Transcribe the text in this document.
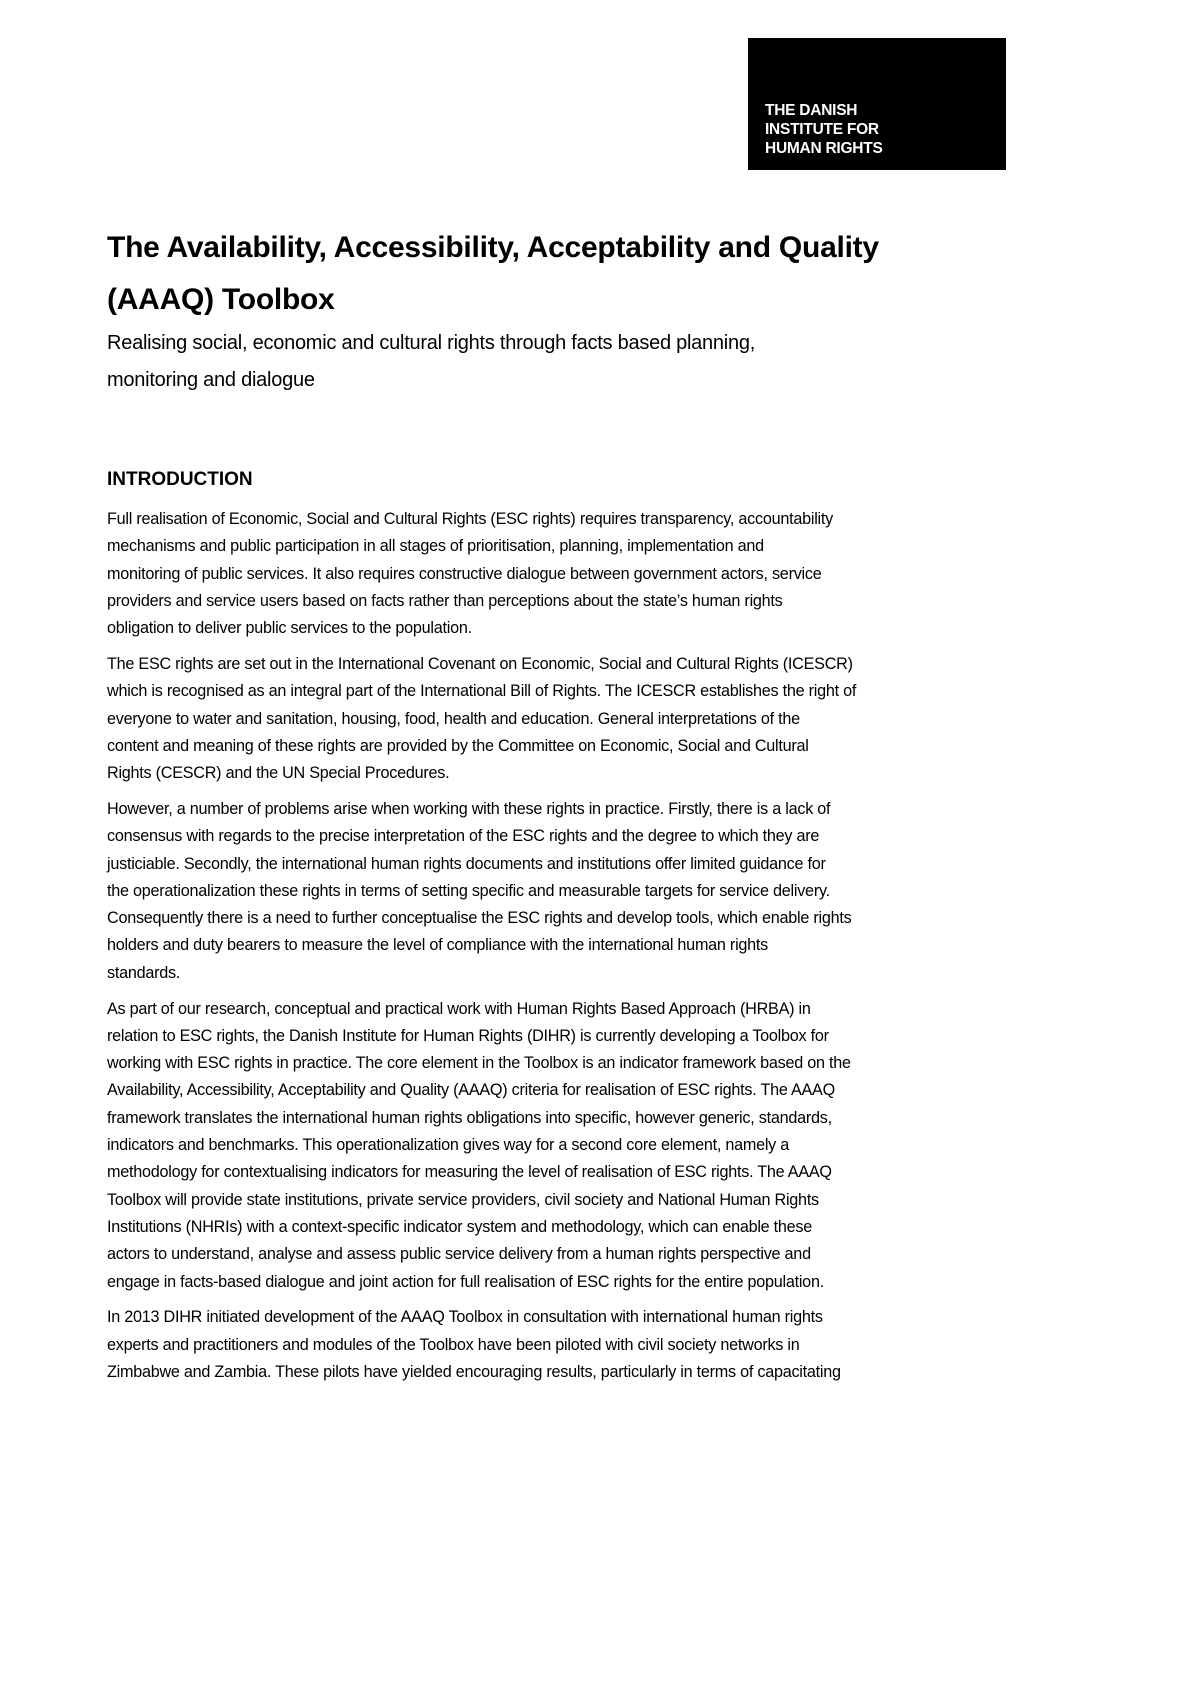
THE DANISH
INSTITUTE FOR
HUMAN RIGHTS
The Availability, Accessibility, Acceptability and Quality
(AAAQ) Toolbox
Realising social, economic and cultural rights through facts based planning,
monitoring and dialogue
INTRODUCTION
Full realisation of Economic, Social and Cultural Rights (ESC rights) requires transparency, accountability
mechanisms and public participation in all stages of prioritisation, planning, implementation and
monitoring of public services. It also requires constructive dialogue between government actors, service
providers and service users based on facts rather than perceptions about the state’s human rights
obligation to deliver public services to the population.
The ESC rights are set out in the International Covenant on Economic, Social and Cultural Rights (ICESCR)
which is recognised as an integral part of the International Bill of Rights. The ICESCR establishes the right of
everyone to water and sanitation, housing, food, health and education. General interpretations of the
content and meaning of these rights are provided by the Committee on Economic, Social and Cultural
Rights (CESCR) and the UN Special Procedures.
However, a number of problems arise when working with these rights in practice. Firstly, there is a lack of
consensus with regards to the precise interpretation of the ESC rights and the degree to which they are
justiciable. Secondly, the international human rights documents and institutions offer limited guidance for
the operationalization these rights in terms of setting specific and measurable targets for service delivery.
Consequently there is a need to further conceptualise the ESC rights and develop tools, which enable rights
holders and duty bearers to measure the level of compliance with the international human rights
standards.
As part of our research, conceptual and practical work with Human Rights Based Approach (HRBA) in
relation to ESC rights, the Danish Institute for Human Rights (DIHR) is currently developing a Toolbox for
working with ESC rights in practice. The core element in the Toolbox is an indicator framework based on the
Availability, Accessibility, Acceptability and Quality (AAAQ) criteria for realisation of ESC rights. The AAAQ
framework translates the international human rights obligations into specific, however generic, standards,
indicators and benchmarks. This operationalization gives way for a second core element, namely a
methodology for contextualising indicators for measuring the level of realisation of ESC rights. The AAAQ
Toolbox will provide state institutions, private service providers, civil society and National Human Rights
Institutions (NHRIs) with a context-specific indicator system and methodology, which can enable these
actors to understand, analyse and assess public service delivery from a human rights perspective and
engage in facts-based dialogue and joint action for full realisation of ESC rights for the entire population.
In 2013 DIHR initiated development of the AAAQ Toolbox in consultation with international human rights
experts and practitioners and modules of the Toolbox have been piloted with civil society networks in
Zimbabwe and Zambia. These pilots have yielded encouraging results, particularly in terms of capacitating
